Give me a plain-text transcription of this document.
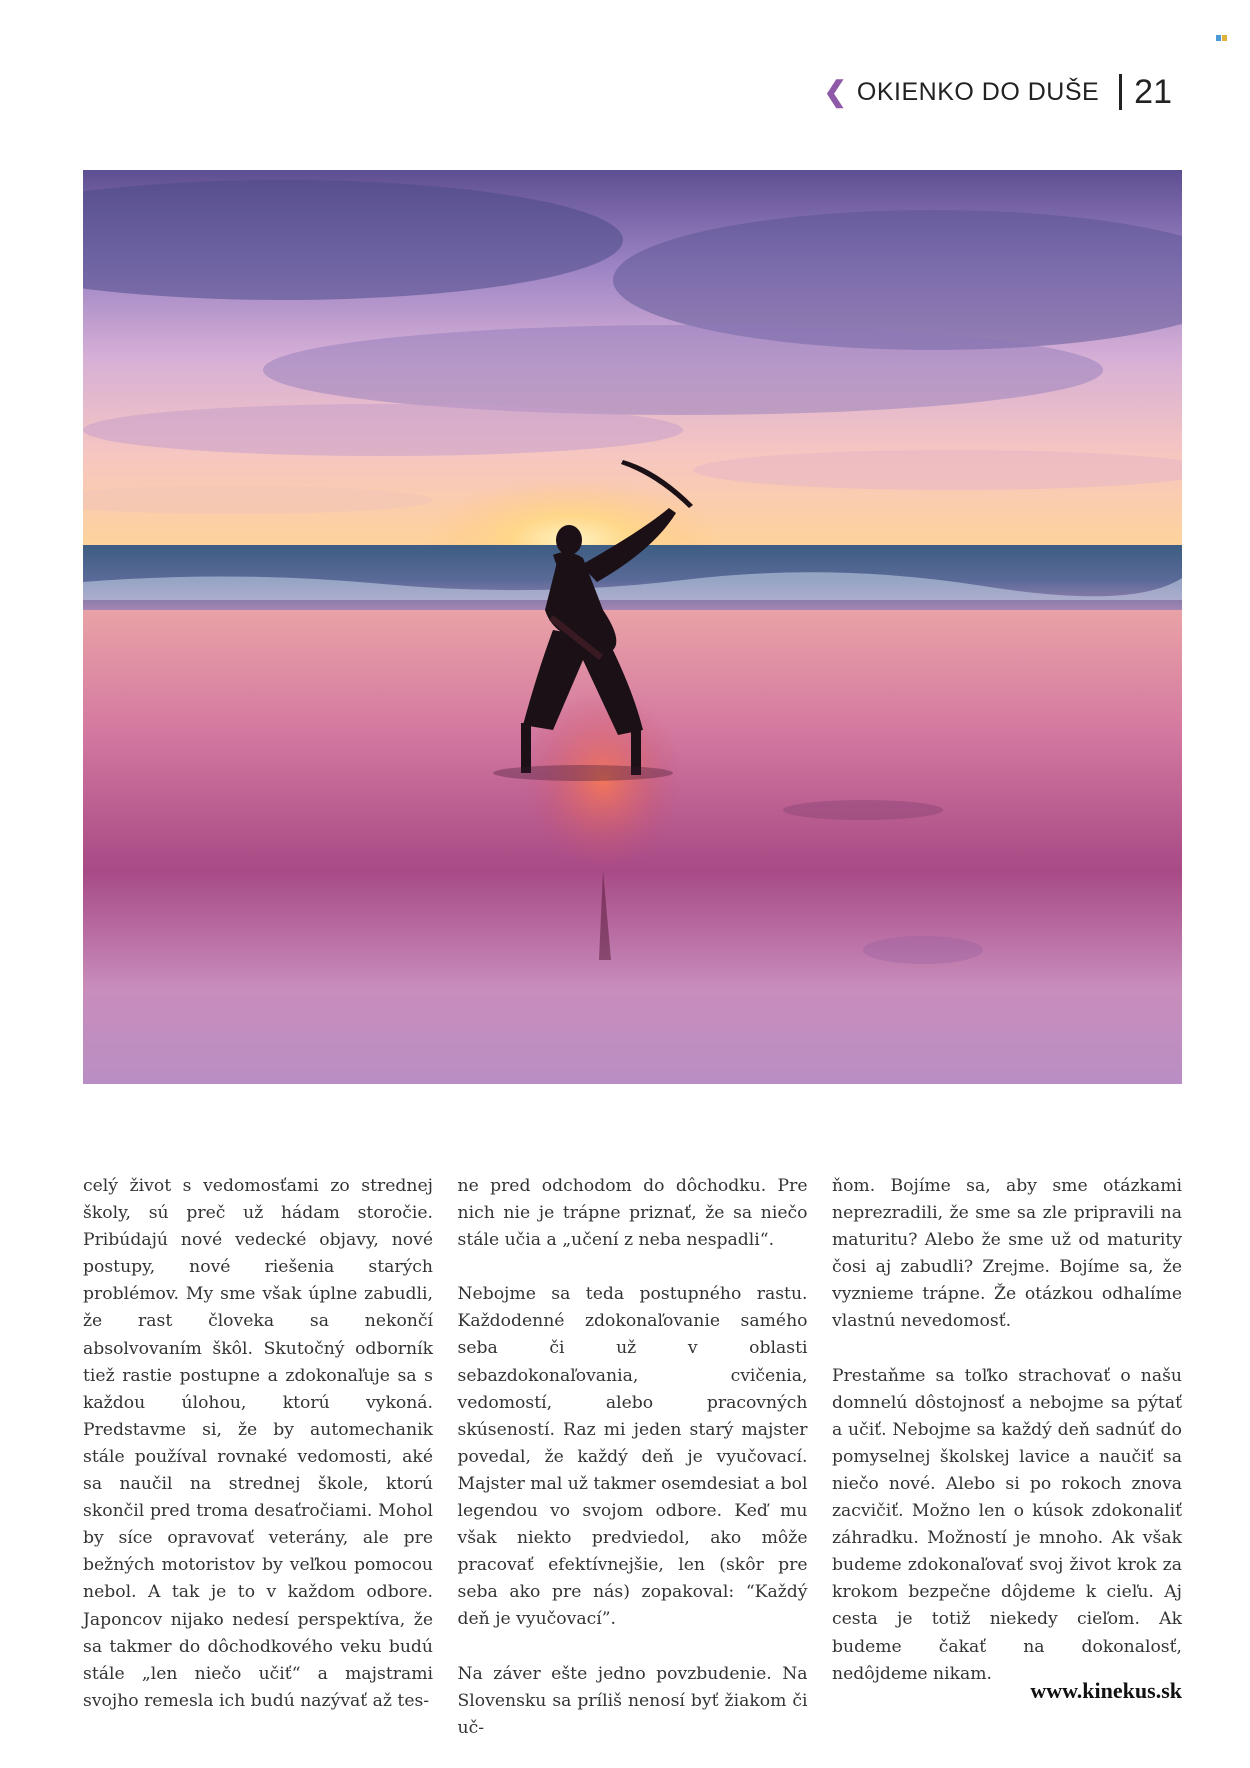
❮ OKIENKO DO DUŠE 21

celý život s vedomosťami zo strednej školy, sú preč už hádam storočie. Pribúdajú nové vedecké objavy, nové postupy, nové riešenia starých problémov. My sme však úplne zabudli, že rast človeka sa nekončí absolvovaním škôl. Skutočný odborník tiež rastie postupne a zdokonaľuje sa s každou úlohou, ktorú vykoná. Predstavme si, že by automechanik stále používal rovnaké vedomosti, aké sa naučil na strednej škole, ktorú skončil pred troma desaťročiami. Mohol by síce opravovať veterány, ale pre bežných motoristov by veľkou pomocou nebol. A tak je to v každom odbore. Japoncov nijako nedesí perspektíva, že sa takmer do dôchodkového veku budú stále „len niečo učiť“ a majstrami svojho remesla ich budú nazývať až tes-

ne pred odchodom do dôchodku. Pre nich nie je trápne priznať, že sa niečo stále učia a „učení z neba nespadli“.

Nebojme sa teda postupného rastu. Každodenné zdokonaľovanie samého seba či už v oblasti sebazdokonaľovania, cvičenia, vedomostí, alebo pracovných skúseností. Raz mi jeden starý majster povedal, že každý deň je vyučovací. Majster mal už takmer osemdesiat a bol legendou vo svojom odbore. Keď mu však niekto predviedol, ako môže pracovať efektívnejšie, len (skôr pre seba ako pre nás) zopakoval: “Každý deň je vyučovací”.

Na záver ešte jedno povzbudenie. Na Slovensku sa príliš nenosí byť žiakom či uč-

ňom. Bojíme sa, aby sme otázkami neprezradili, že sme sa zle pripravili na maturitu? Alebo že sme už od maturity čosi aj zabudli? Zrejme. Bojíme sa, že vyznieme trápne. Že otázkou odhalíme vlastnú nevedomosť.

Prestaňme sa toľko strachovať o našu domnelú dôstojnosť a nebojme sa pýtať a učiť. Nebojme sa každý deň sadnúť do pomyselnej školskej lavice a naučiť sa niečo nové. Alebo si po rokoch znova zacvičiť. Možno len o kúsok zdokonaliť záhradku. Možností je mnoho. Ak však budeme zdokonaľovať svoj život krok za krokom bezpečne dôjdeme k cieľu. Aj cesta je totiž niekedy cieľom. Ak budeme čakať na dokonalosť, nedôjdeme nikam.

www.kinekus.sk
